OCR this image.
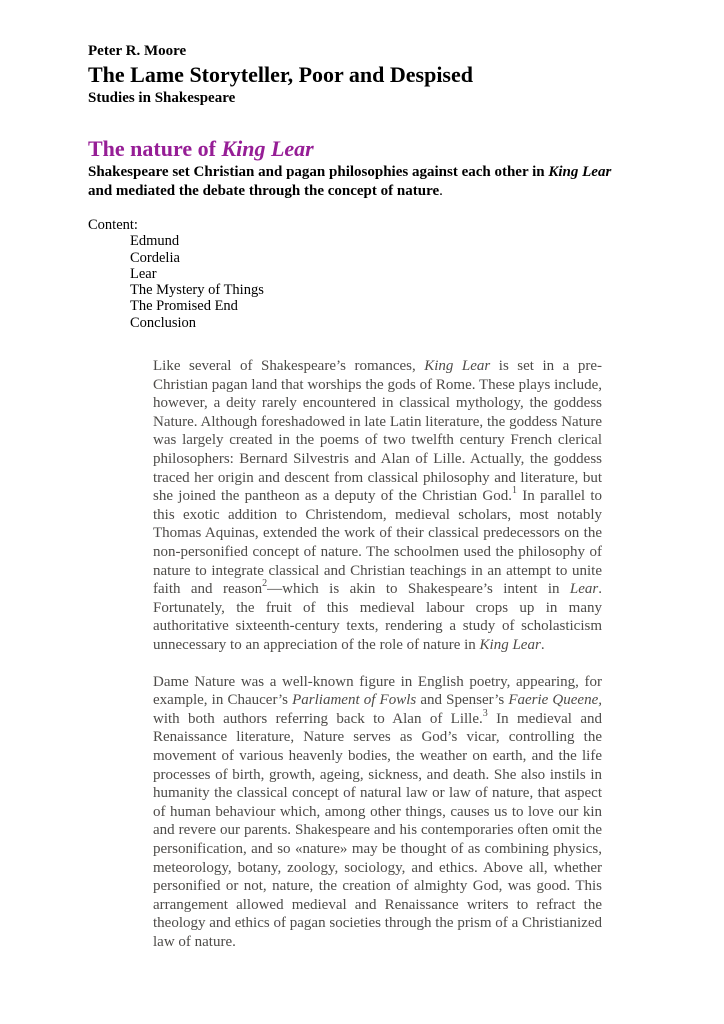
Peter R. Moore
The Lame Storyteller, Poor and Despised
Studies in Shakespeare
The nature of King Lear

Shakespeare set Christian and pagan philosophies against each other in King Lear and mediated the debate through the concept of nature.

Content:
Edmund
Cordelia
Lear
The Mystery of Things
The Promised End
Conclusion

Like several of Shakespeare’s romances, King Lear is set in a pre-Christian pagan land that worships the gods of Rome. These plays include, however, a deity rarely encountered in classical mythology, the goddess Nature. Although foreshadowed in late Latin literature, the goddess Nature was largely created in the poems of two twelfth century French clerical philosophers: Bernard Silvestris and Alan of Lille. Actually, the goddess traced her origin and descent from classical philosophy and literature, but she joined the pantheon as a deputy of the Christian God.$^1$ In parallel to this exotic addition to Christendom, medieval scholars, most notably Thomas Aquinas, extended the work of their classical predecessors on the non-personified concept of nature. The schoolmen used the philosophy of nature to integrate classical and Christian teachings in an attempt to unite faith and reason$^2$—which is akin to Shakespeare’s intent in Lear. Fortunately, the fruit of this medieval labour crops up in many authoritative sixteenth-century texts, rendering a study of scholasticism unnecessary to an appreciation of the role of nature in King Lear.

Dame Nature was a well-known figure in English poetry, appearing, for example, in Chaucer’s Parliament of Fowls and Spenser’s Faerie Queene, with both authors referring back to Alan of Lille.$^3$ In medieval and Renaissance literature, Nature serves as God’s vicar, controlling the movement of various heavenly bodies, the weather on earth, and the life processes of birth, growth, ageing, sickness, and death. She also instils in humanity the classical concept of natural law or law of nature, that aspect of human behaviour which, among other things, causes us to love our kin and revere our parents. Shakespeare and his contemporaries often omit the personification, and so «nature» may be thought of as combining physics, meteorology, botany, zoology, sociology, and ethics. Above all, whether personified or not, nature, the creation of almighty God, was good. This arrangement allowed medieval and Renaissance writers to refract the theology and ethics of pagan societies through the prism of a Christianized law of nature.
